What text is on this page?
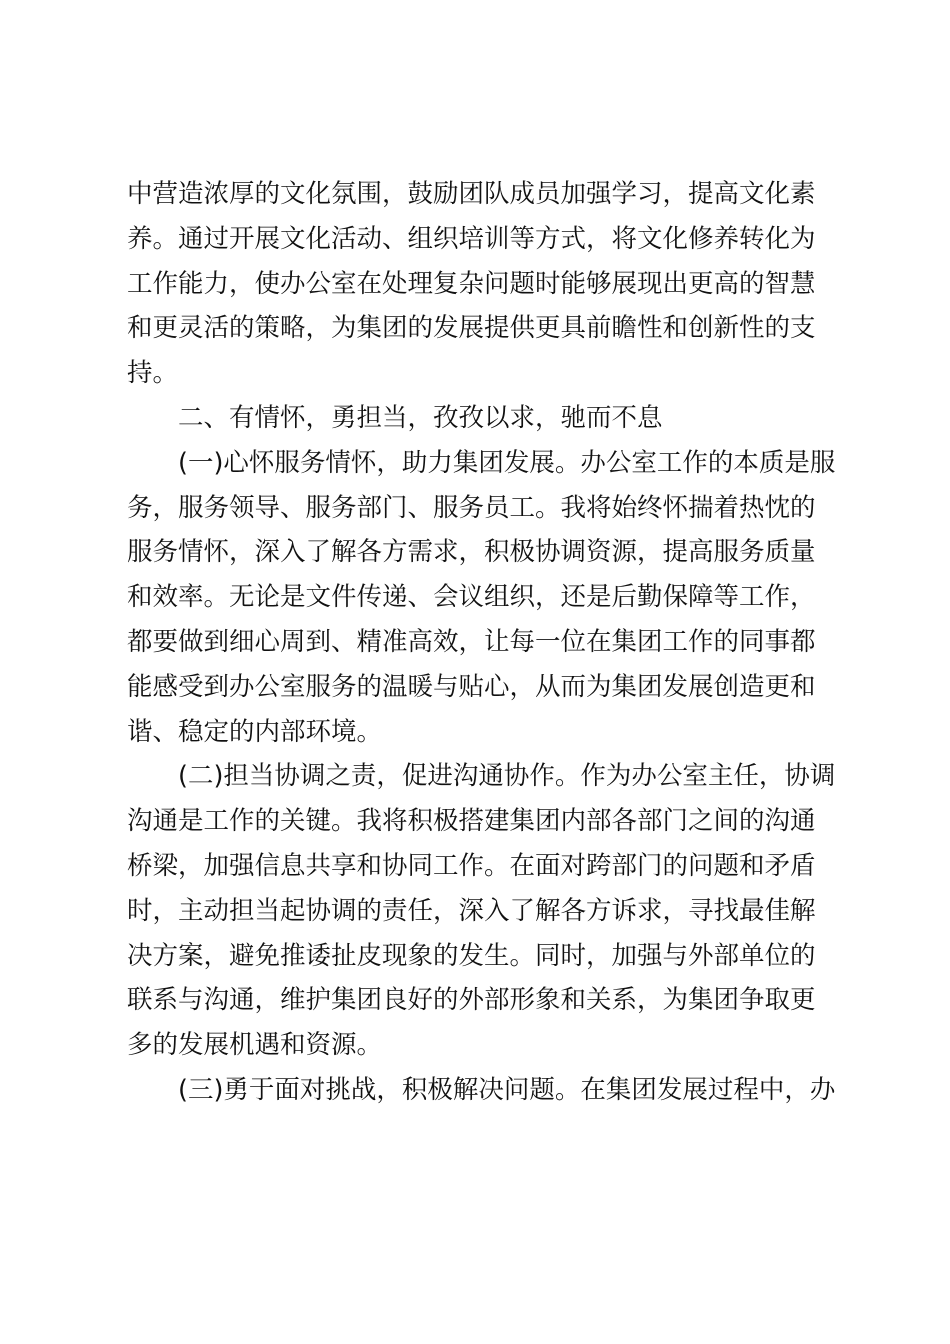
中营造浓厚的文化氛围，鼓励团队成员加强学习，提高文化素
养。通过开展文化活动、组织培训等方式，将文化修养转化为
工作能力，使办公室在处理复杂问题时能够展现出更高的智慧
和更灵活的策略，为集团的发展提供更具前瞻性和创新性的支
持。
二、有情怀，勇担当，孜孜以求，驰而不息
(一)心怀服务情怀，助力集团发展。办公室工作的本质是服
务，服务领导、服务部门、服务员工。我将始终怀揣着热忱的
服务情怀，深入了解各方需求，积极协调资源，提高服务质量
和效率。无论是文件传递、会议组织，还是后勤保障等工作，
都要做到细心周到、精准高效，让每一位在集团工作的同事都
能感受到办公室服务的温暖与贴心，从而为集团发展创造更和
谐、稳定的内部环境。
(二)担当协调之责，促进沟通协作。作为办公室主任，协调
沟通是工作的关键。我将积极搭建集团内部各部门之间的沟通
桥梁，加强信息共享和协同工作。在面对跨部门的问题和矛盾
时，主动担当起协调的责任，深入了解各方诉求，寻找最佳解
决方案，避免推诿扯皮现象的发生。同时，加强与外部单位的
联系与沟通，维护集团良好的外部形象和关系，为集团争取更
多的发展机遇和资源。
(三)勇于面对挑战，积极解决问题。在集团发展过程中，办
